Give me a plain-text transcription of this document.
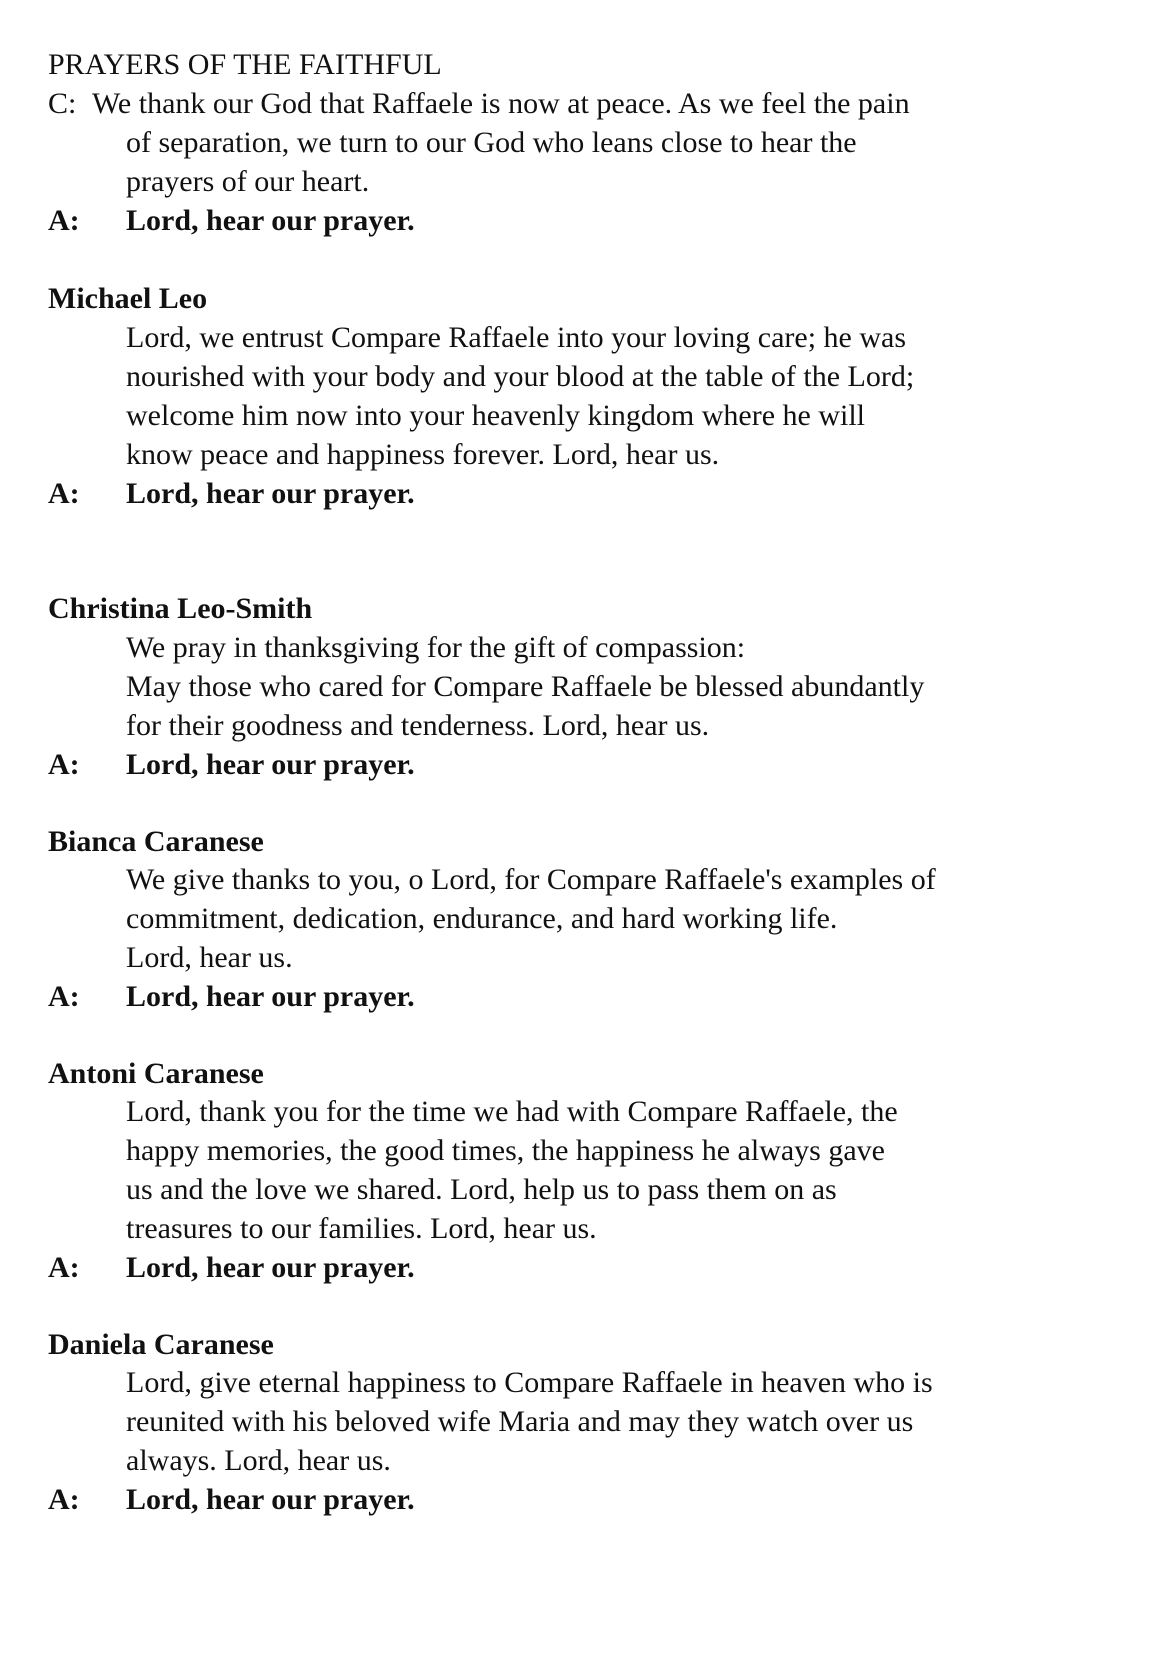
PRAYERS OF THE FAITHFUL
C: We thank our God that Raffaele is now at peace. As we feel the pain
of separation, we turn to our God who leans close to hear the
prayers of our heart.
A: Lord, hear our prayer.
Michael Leo
Lord, we entrust Compare Raffaele into your loving care; he was
nourished with your body and your blood at the table of the Lord;
welcome him now into your heavenly kingdom where he will
know peace and happiness forever. Lord, hear us.
A: Lord, hear our prayer.
Christina Leo-Smith
We pray in thanksgiving for the gift of compassion:
May those who cared for Compare Raffaele be blessed abundantly
for their goodness and tenderness. Lord, hear us.
A: Lord, hear our prayer.
Bianca Caranese
We give thanks to you, o Lord, for Compare Raffaele's examples of
commitment, dedication, endurance, and hard working life.
Lord, hear us.
A: Lord, hear our prayer.
Antoni Caranese
Lord, thank you for the time we had with Compare Raffaele, the
happy memories, the good times, the happiness he always gave
us and the love we shared. Lord, help us to pass them on as
treasures to our families. Lord, hear us.
A: Lord, hear our prayer.
Daniela Caranese
Lord, give eternal happiness to Compare Raffaele in heaven who is
reunited with his beloved wife Maria and may they watch over us
always. Lord, hear us.
A: Lord, hear our prayer.
